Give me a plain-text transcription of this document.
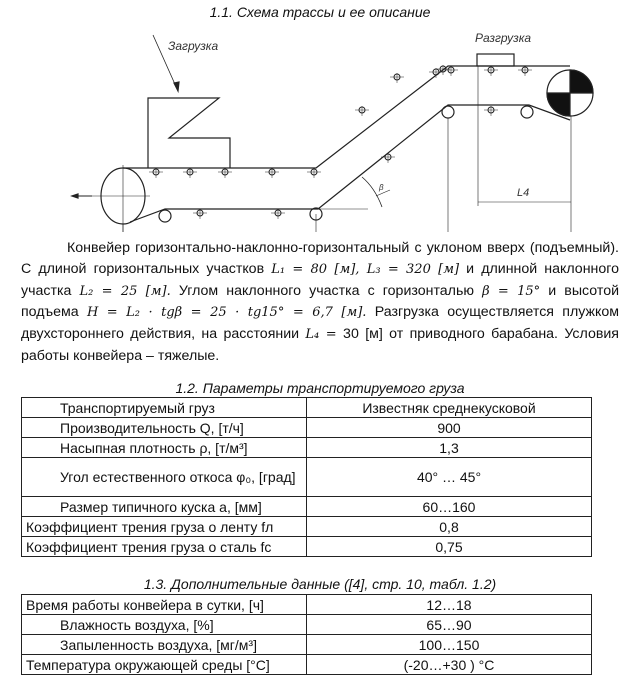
1.1. Схема трассы и ее описание
Загрузка
Разгрузка
β	L4
Конвейер горизонтально-наклонно-горизонтальный с уклоном вверх (подъемный). С длиной горизонтальных участков L₁ = 80 [м], L₃ = 320 [м] и длинной наклонного участка L₂ = 25 [м]. Углом наклонного участка с горизонталью β = 15° и высотой подъема H = L₂ · tgβ = 25 · tg15° = 6,7 [м]. Разгрузка осуществляется плужком двухстороннего действия, на расстоянии L₄ = 30 [м] от приводного барабана. Условия работы конвейера – тяжелые.
1.2. Параметры транспортируемого груза
Транспортируемый груз	Известняк среднекусковой
Производительность Q, [т/ч]	900
Насыпная плотность ρ, [т/м³]	1,3
Угол естественного откоса φ₀, [град]	40° … 45°
Размер типичного куска a, [мм]	60…160
Коэффициент трения груза о ленту fл	0,8
Коэффициент трения груза о сталь fс	0,75
1.3. Дополнительные данные ([4], стр. 10, табл. 1.2)
Время работы конвейера в сутки, [ч]	12…18
Влажность воздуха, [%]	65…90
Запыленность воздуха, [мг/м³]	100…150
Температура окружающей среды [°С]	(-20…+30 ) °С
